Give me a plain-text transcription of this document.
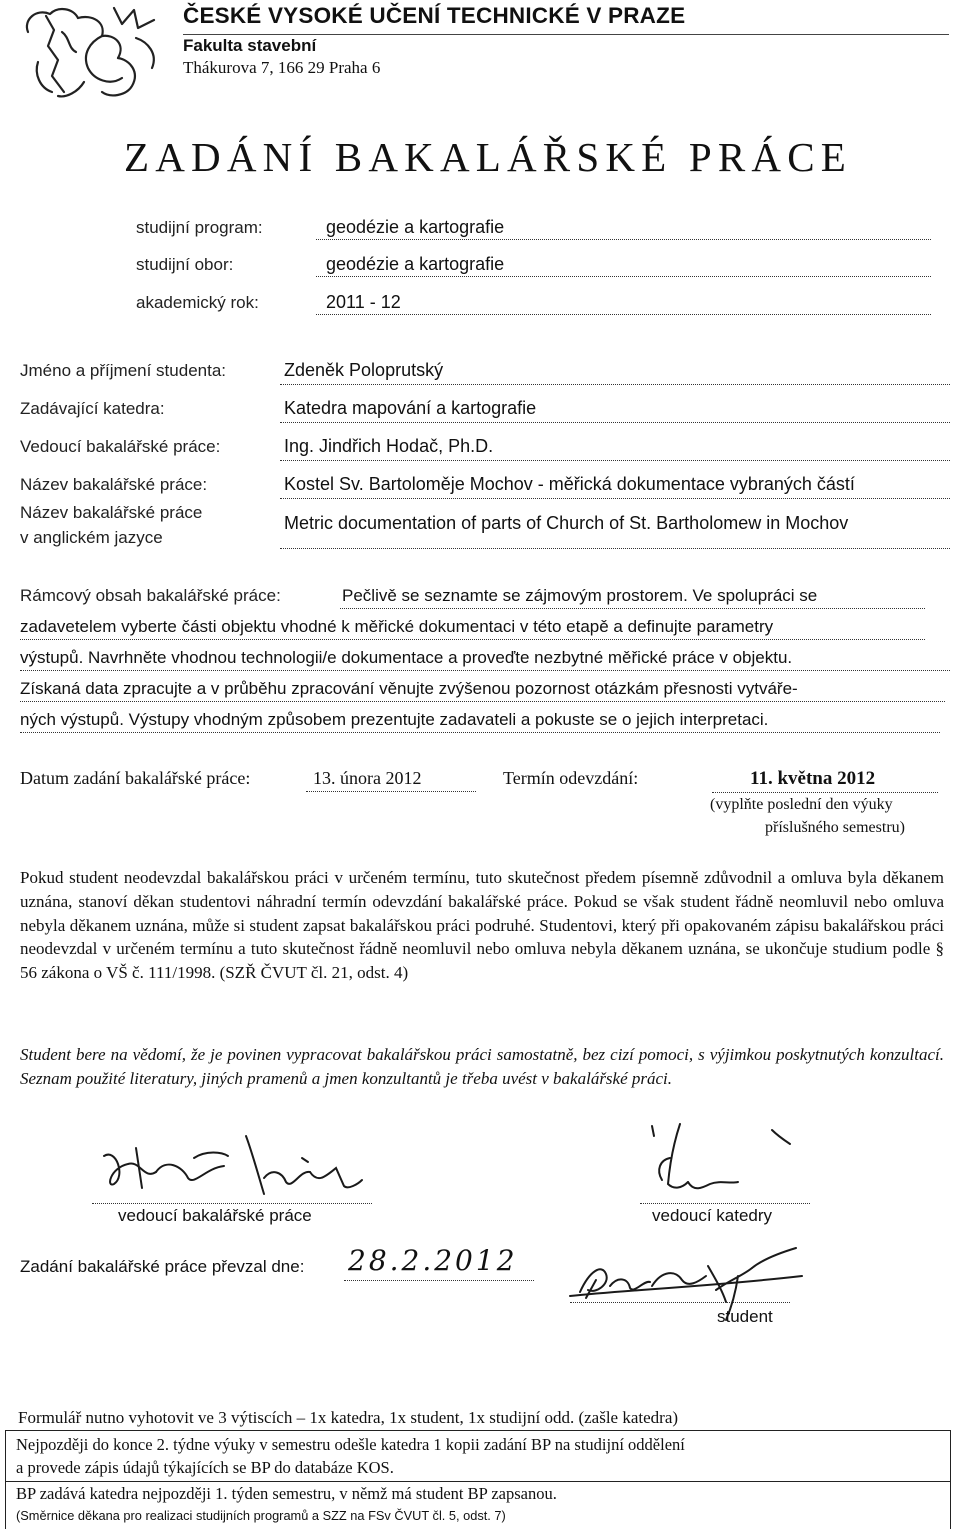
ČESKÉ VYSOKÉ UČENÍ TECHNICKÉ V PRAZE
Fakulta stavební
Thákurova 7, 166 29 Praha 6
ZADÁNÍ BAKALÁŘSKÉ PRÁCE
studijní program:	geodézie a kartografie
studijní obor:	geodézie a kartografie
akademický rok:	2011 - 12
Jméno a příjmení studenta:	Zdeněk Poloprutský
Zadávající katedra:	Katedra mapování a kartografie
Vedoucí bakalářské práce:	Ing. Jindřich Hodač, Ph.D.
Název bakalářské práce:	Kostel Sv. Bartoloměje Mochov - měřická dokumentace vybraných částí
Název bakalářské práce
v anglickém jazyce
Metric documentation of parts of Church of St. Bartholomew in Mochov
Rámcový obsah bakalářské práce:	Pečlivě se seznamte se zájmovým prostorem. Ve spolupráci se
zadavetelem vyberte části objektu vhodné k měřické dokumentaci v této etapě a definujte parametry
výstupů. Navrhněte vhodnou technologii/e dokumentace a proveďte nezbytné měřické práce v objektu.
Získaná data zpracujte a v průběhu zpracování věnujte zvýšenou pozornost otázkám přesnosti vytváře-
ných výstupů. Výstupy vhodným způsobem prezentujte zadavateli a pokuste se o jejich interpretaci.
Datum zadání bakalářské práce:	13. února 2012	Termín odevzdání:	11. května 2012
(vyplňte poslední den výuky
příslušného semestru)
Pokud student neodevzdal bakalářskou práci v určeném termínu, tuto skutečnost předem písemně zdůvodnil a omluva byla děkanem uznána, stanoví děkan studentovi náhradní termín odevzdání bakalářské práce. Pokud se však student řádně neomluvil nebo omluva nebyla děkanem uznána, může si student zapsat bakalářskou práci podruhé. Studentovi, který při opakovaném zápisu bakalářskou práci neodevzdal v určeném termínu a tuto skutečnost řádně neomluvil nebo omluva nebyla děkanem uznána, se ukončuje studium podle § 56 zákona o VŠ č. 111/1998. (SZŘ ČVUT čl. 21, odst. 4)
Student bere na vědomí, že je povinen vypracovat bakalářskou práci samostatně, bez cizí pomoci, s výjimkou poskytnutých konzultací. Seznam použité literatury, jiných pramenů a jmen konzultantů je třeba uvést v bakalářské práci.
vedoucí bakalářské práce	vedoucí katedry
Zadání bakalářské práce převzal dne: 28.2.2012
student
Formulář nutno vyhotovit ve 3 výtiscích – 1x katedra, 1x student, 1x studijní odd. (zašle katedra)
Nejpozději do konce 2. týdne výuky v semestru odešle katedra 1 kopii zadání BP na studijní oddělení
a provede zápis údajů týkajících se BP do databáze KOS.
BP zadává katedra nejpozději 1. týden semestru, v němž má student BP zapsanou.
(Směrnice děkana pro realizaci studijních programů a SZZ na FSv ČVUT čl. 5, odst. 7)
